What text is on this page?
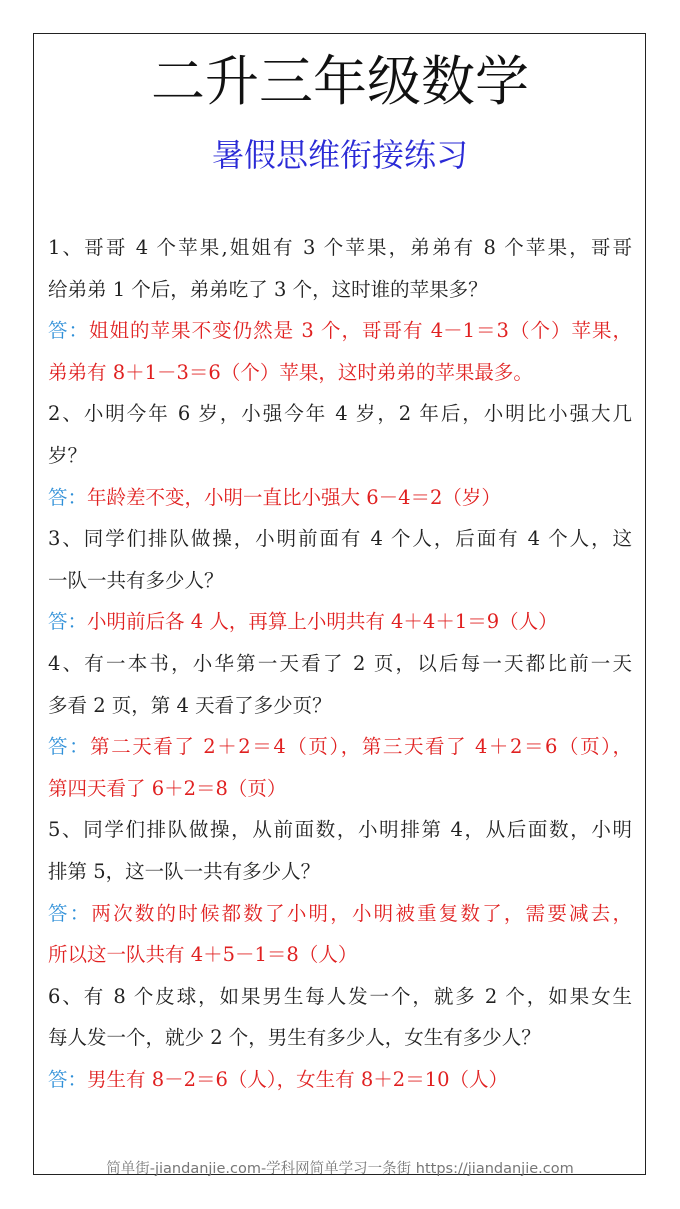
二升三年级数学
暑假思维衔接练习
1、哥哥 4 个苹果,姐姐有 3 个苹果，弟弟有 8 个苹果，哥哥
给弟弟 1 个后，弟弟吃了 3 个，这时谁的苹果多？
答：姐姐的苹果不变仍然是 3 个，哥哥有 4－1＝3（个）苹果，
弟弟有 8＋1－3＝6（个）苹果，这时弟弟的苹果最多。
2、小明今年 6 岁，小强今年 4 岁，2 年后，小明比小强大几
岁？
答：年龄差不变，小明一直比小强大 6－4＝2（岁）
3、同学们排队做操，小明前面有 4 个人，后面有 4 个人，这
一队一共有多少人？
答：小明前后各 4 人，再算上小明共有 4＋4＋1＝9（人）
4、有一本书，小华第一天看了 2 页，以后每一天都比前一天
多看 2 页，第 4 天看了多少页？
答：第二天看了 2＋2＝4（页），第三天看了 4＋2＝6（页），
第四天看了 6＋2＝8（页）
5、同学们排队做操，从前面数，小明排第 4，从后面数，小明
排第 5，这一队一共有多少人？
答：两次数的时候都数了小明，小明被重复数了，需要减去，
所以这一队共有 4＋5－1＝8（人）
6、有 8 个皮球，如果男生每人发一个，就多 2 个，如果女生
每人发一个，就少 2 个，男生有多少人，女生有多少人？
答：男生有 8－2＝6（人），女生有 8＋2＝10（人）
简单街-jiandanjie.com-学科网简单学习一条街 https://jiandanjie.com
